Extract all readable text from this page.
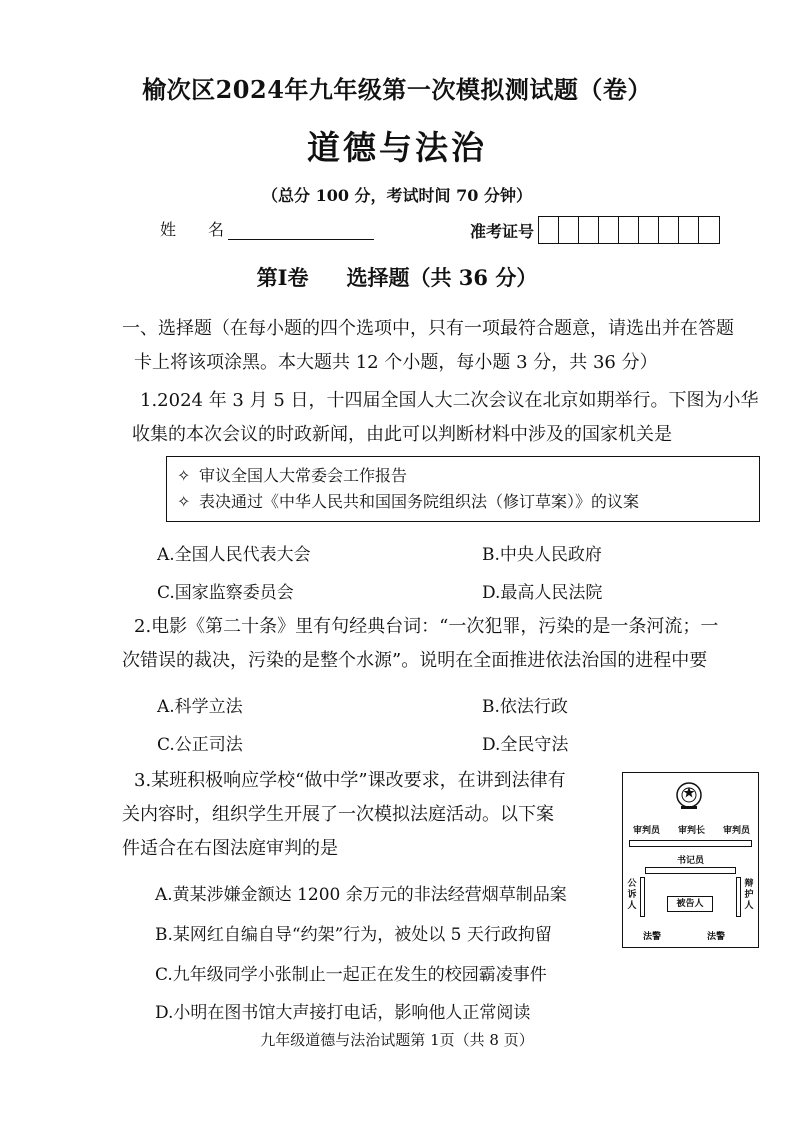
榆次区2024年九年级第一次模拟测试题（卷）
道德与法治
（总分 100 分，考试时间 70 分钟）
姓 名	准考证号
第Ⅰ卷 选择题（共 36 分）
一、选择题（在每小题的四个选项中，只有一项最符合题意，请选出并在答题
卡上将该项涂黑。本大题共 12 个小题，每小题 3 分，共 36 分）
1.2024 年 3 月 5 日，十四届全国人大二次会议在北京如期举行。下图为小华
收集的本次会议的时政新闻，由此可以判断材料中涉及的国家机关是
✧ 审议全国人大常委会工作报告
✧ 表决通过《中华人民共和国国务院组织法（修订草案）》的议案
A.全国人民代表大会	B.中央人民政府
C.国家监察委员会	D.最高人民法院
2.电影《第二十条》里有句经典台词：“一次犯罪，污染的是一条河流；一
次错误的裁决，污染的是整个水源”。说明在全面推进依法治国的进程中要
A.科学立法	B.依法行政
C.公正司法	D.全民守法
3.某班积极响应学校“做中学”课改要求，在讲到法律有
关内容时，组织学生开展了一次模拟法庭活动。以下案
件适合在右图法庭审判的是
A.黄某涉嫌金额达 1200 余万元的非法经营烟草制品案
B.某网红自编自导“约架”行为，被处以 5 天行政拘留
C.九年级同学小张制止一起正在发生的校园霸凌事件
D.小明在图书馆大声接打电话，影响他人正常阅读
审判员 审判长 审判员
书记员
公诉人
辩护人
被告人
法警	法警
九年级道德与法治试题第 1页（共 8 页）
